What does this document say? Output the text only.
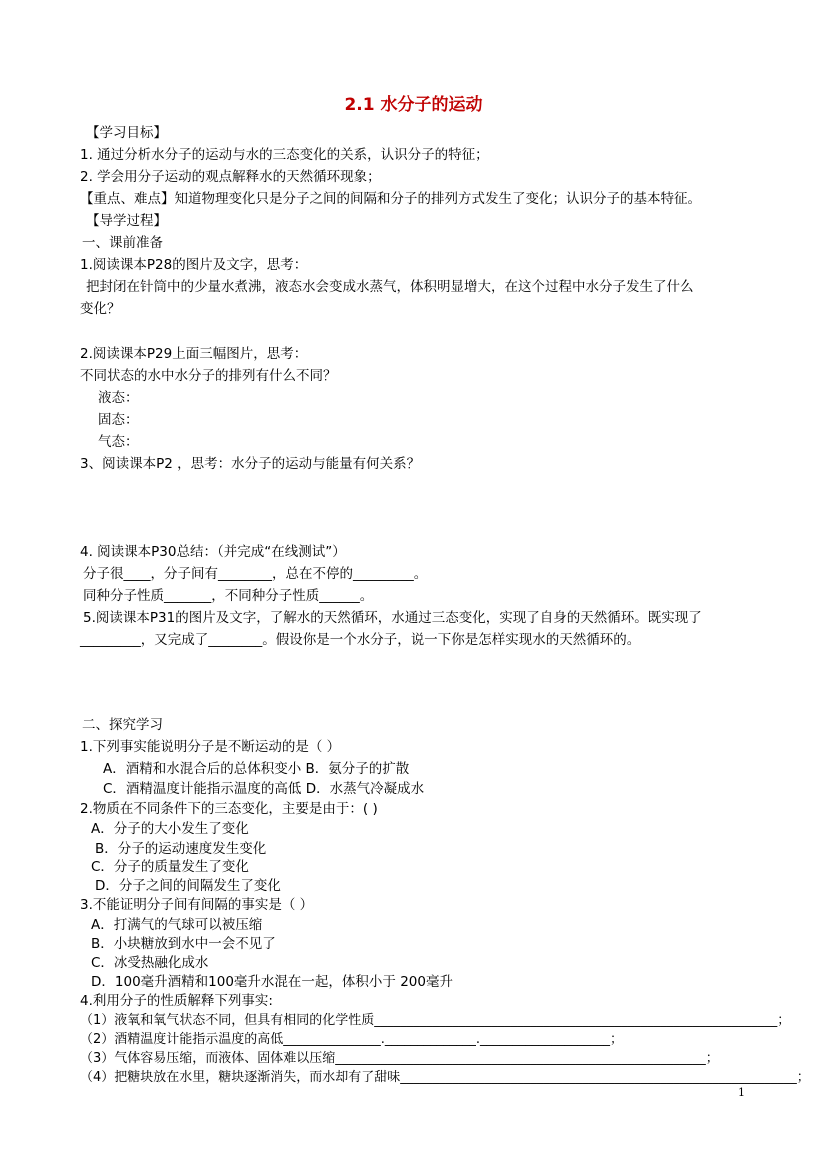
2.1 水分子的运动
【学习目标】
1. 通过分析水分子的运动与水的三态变化的关系，认识分子的特征；
2. 学会用分子运动的观点解释水的天然循环现象；
【重点、难点】知道物理变化只是分子之间的间隔和分子的排列方式发生了变化；认识分子的基本特征。
【导学过程】
一、课前准备
1.阅读课本P28的图片及文字，思考：
把封闭在针筒中的少量水煮沸，液态水会变成水蒸气，体积明显增大，在这个过程中水分子发生了什么
变化？
2.阅读课本P29上面三幅图片，思考：
不同状态的水中水分子的排列有什么不同？
液态：
固态：
气态：
3、阅读课本P2 ，思考：水分子的运动与能量有何关系？
4. 阅读课本P30总结：（并完成“在线测试”）
分子很____，分子间有________，总在不停的_________。
同种分子性质_______，不同种分子性质______。
5.阅读课本P31的图片及文字，了解水的天然循环，水通过三态变化，实现了自身的天然循环。既实现了
_________，又完成了________。假设你是一个水分子，说一下你是怎样实现水的天然循环的。
二、探究学习
1.下列事实能说明分子是不断运动的是（ ）
A．酒精和水混合后的总体积变小 B．氨分子的扩散
C．酒精温度计能指示温度的高低 D．水蒸气冷凝成水
2.物质在不同条件下的三态变化，主要是由于：( )
A．分子的大小发生了变化
B．分子的运动速度发生变化
C．分子的质量发生了变化
D．分子之间的间隔发生了变化
3.不能证明分子间有间隔的事实是（ ）
A．打满气的气球可以被压缩
B．小块糖放到水中一会不见了
C．冰受热融化成水
D．100毫升酒精和100毫升水混在一起，体积小于 200毫升
4.利用分子的性质解释下列事实:
（1）液氧和氧气状态不同，但具有相同的化学性质______________________________________________________________；
（2）酒精温度计能指示温度的高低_______________.______________.____________________；
（3）气体容易压缩，而液体、固体难以压缩_________________________________________________________；
（4）把糖块放在水里，糖块逐渐消失，而水却有了甜味_____________________________________________________________；
1
